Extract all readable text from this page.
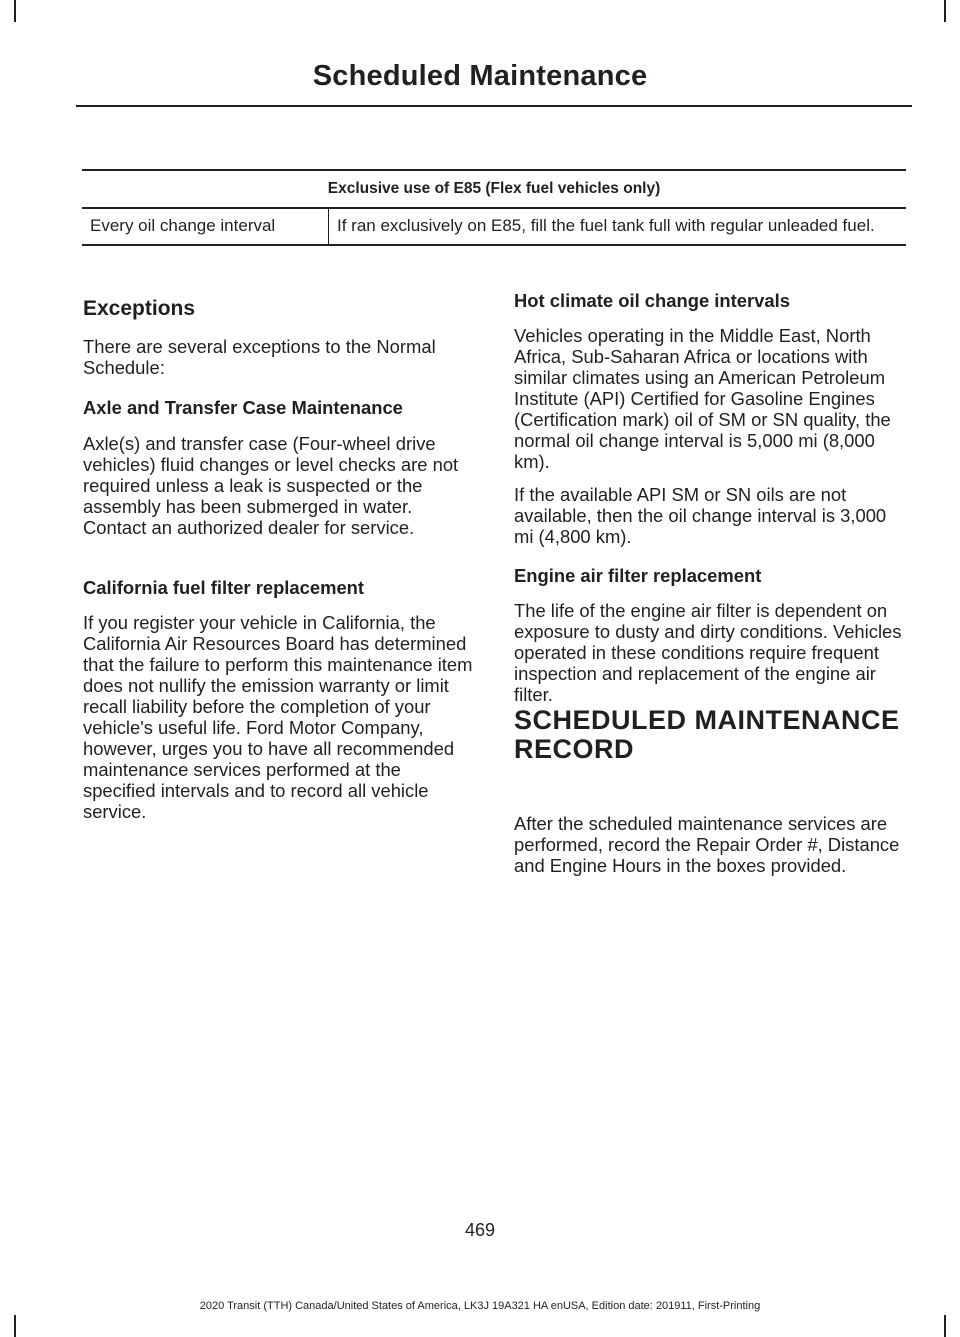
Scheduled Maintenance
Exclusive use of E85 (Flex fuel vehicles only)
Every oil change interval	If ran exclusively on E85, fill the fuel tank full with regular unleaded fuel.
Exceptions

There are several exceptions to the Normal Schedule:

Axle and Transfer Case Maintenance

Axle(s) and transfer case (Four-wheel drive vehicles) fluid changes or level checks are not required unless a leak is suspected or the assembly has been submerged in water. Contact an authorized dealer for service.

California fuel filter replacement

If you register your vehicle in California, the California Air Resources Board has determined that the failure to perform this maintenance item does not nullify the emission warranty or limit recall liability before the completion of your vehicle's useful life. Ford Motor Company, however, urges you to have all recommended maintenance services performed at the specified intervals and to record all vehicle service.

Hot climate oil change intervals

Vehicles operating in the Middle East, North Africa, Sub-Saharan Africa or locations with similar climates using an American Petroleum Institute (API) Certified for Gasoline Engines (Certification mark) oil of SM or SN quality, the normal oil change interval is 5,000 mi (8,000 km).

If the available API SM or SN oils are not available, then the oil change interval is 3,000 mi (4,800 km).

Engine air filter replacement

The life of the engine air filter is dependent on exposure to dusty and dirty conditions. Vehicles operated in these conditions require frequent inspection and replacement of the engine air filter.

SCHEDULED MAINTENANCE
RECORD

After the scheduled maintenance services are performed, record the Repair Order #, Distance and Engine Hours in the boxes provided.

469
2020 Transit (TTH) Canada/United States of America, LK3J 19A321 HA enUSA, Edition date: 201911, First-Printing
